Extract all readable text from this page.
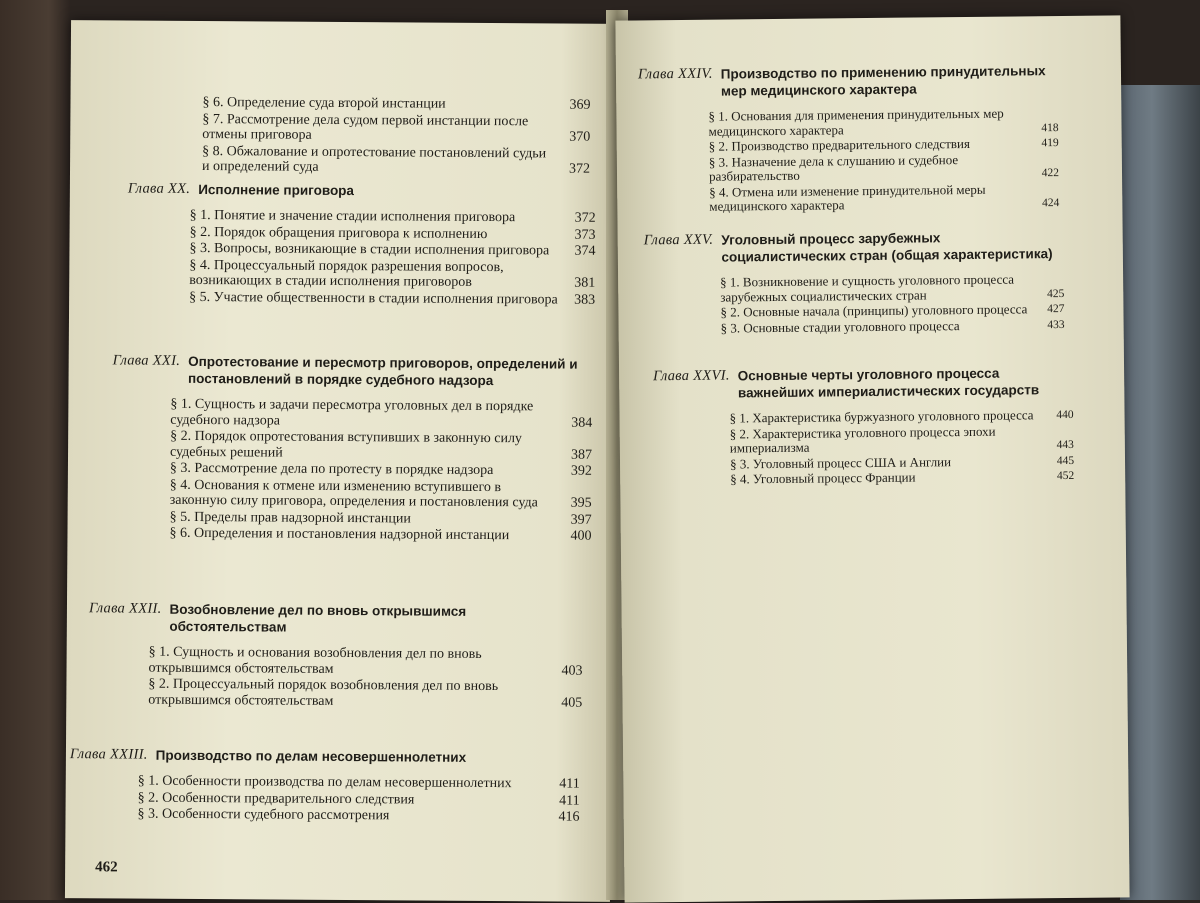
§ 6. Определение суда второй инстанции	369
§ 7. Рассмотрение дела судом первой инстанции после отмены приговора	370
§ 8. Обжалование и опротестование постановлений судьи и определений суда	372
Глава XX. Исполнение приговора
§ 1. Понятие и значение стадии исполнения приговора	372
§ 2. Порядок обращения приговора к исполнению	373
§ 3. Вопросы, возникающие в стадии исполнения приговора	374
§ 4. Процессуальный порядок разрешения вопросов, возникающих в стадии исполнения приговоров	381
§ 5. Участие общественности в стадии исполнения приговора	383
Глава XXI. Опротестование и пересмотр приговоров, определений и постановлений в порядке судебного надзора
§ 1. Сущность и задачи пересмотра уголовных дел в порядке судебного надзора	384
§ 2. Порядок опротестования вступивших в законную силу судебных решений	387
§ 3. Рассмотрение дела по протесту в порядке надзора	392
§ 4. Основания к отмене или изменению вступившего в законную силу приговора, определения и постановления суда	395
§ 5. Пределы прав надзорной инстанции	397
§ 6. Определения и постановления надзорной инстанции	400
Глава XXII. Возобновление дел по вновь открывшимся обстоятельствам
§ 1. Сущность и основания возобновления дел по вновь открывшимся обстоятельствам	403
§ 2. Процессуальный порядок возобновления дел по вновь открывшимся обстоятельствам	405
Глава XXIII. Производство по делам несовершеннолетних
§ 1. Особенности производства по делам несовершеннолетних	411
§ 2. Особенности предварительного следствия	411
§ 3. Особенности судебного рассмотрения	416
462
Глава XXIV. Производство по применению принудительных мер медицинского характера
§ 1. Основания для применения принудительных мер медицинского характера	418
§ 2. Производство предварительного следствия	419
§ 3. Назначение дела к слушанию и судебное разбирательство	422
§ 4. Отмена или изменение принудительной меры медицинского характера	424
Глава XXV. Уголовный процесс зарубежных социалистических стран (общая характеристика)
§ 1. Возникновение и сущность уголовного процесса зарубежных социалистических стран	425
§ 2. Основные начала (принципы) уголовного процесса	427
§ 3. Основные стадии уголовного процесса	433
Глава XXVI. Основные черты уголовного процесса важнейших империалистических государств
§ 1. Характеристика буржуазного уголовного процесса	440
§ 2. Характеристика уголовного процесса эпохи империализма	443
§ 3. Уголовный процесс США и Англии	445
§ 4. Уголовный процесс Франции	452
